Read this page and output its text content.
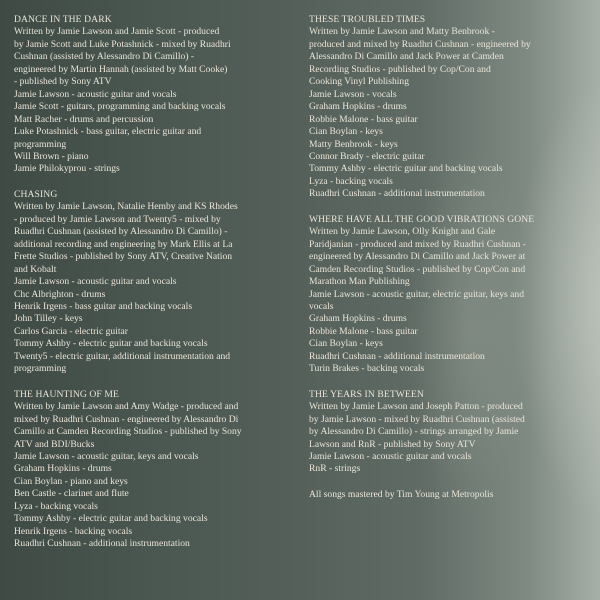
DANCE IN THE DARK
Written by Jamie Lawson and Jamie Scott - produced
by Jamie Scott and Luke Potashnick - mixed by Ruadhri
Cushnan (assisted by Alessandro Di Camillo) -
engineered by Martin Hannah (assisted by Matt Cooke)
- published by Sony ATV
Jamie Lawson - acoustic guitar and vocals
Jamie Scott - guitars, programming and backing vocals
Matt Racher - drums and percussion
Luke Potashnick - bass guitar, electric guitar and
programming
Will Brown - piano
Jamie Philokyprou - strings
CHASING
Written by Jamie Lawson, Natalie Hemby and KS Rhodes
- produced by Jamie Lawson and Twenty5 - mixed by
Ruadhri Cushnan (assisted by Alessandro Di Camillo) -
additional recording and engineering by Mark Ellis at La
Frette Studios - published by Sony ATV, Creative Nation
and Kobalt
Jamie Lawson - acoustic guitar and vocals
Chc Albrighton - drums
Henrik Irgens - bass guitar and backing vocals
John Tilley - keys
Carlos Garcia - electric guitar
Tommy Ashby - electric guitar and backing vocals
Twenty5 - electric guitar, additional instrumentation and
programming
THE HAUNTING OF ME
Written by Jamie Lawson and Amy Wadge - produced and
mixed by Ruadhri Cushnan - engineered by Alessandro Di
Camillo at Camden Recording Studios - published by Sony
ATV and BDI/Bucks
Jamie Lawson - acoustic guitar, keys and vocals
Graham Hopkins - drums
Cian Boylan - piano and keys
Ben Castle - clarinet and flute
Lyza - backing vocals
Tommy Ashby - electric guitar and backing vocals
Henrik Irgens - backing vocals
Ruadhri Cushnan - additional instrumentation
THESE TROUBLED TIMES
Written by Jamie Lawson and Matty Benbrook -
produced and mixed by Ruadhri Cushnan - engineered by
Alessandro Di Camillo and Jack Power at Camden
Recording Studios - published by Cop/Con and
Cooking Vinyl Publishing
Jamie Lawson - vocals
Graham Hopkins - drums
Robbie Malone - bass guitar
Cian Boylan - keys
Matty Benbrook - keys
Connor Brady - electric guitar
Tommy Ashby - electric guitar and backing vocals
Lyza - backing vocals
Ruadhri Cushnan - additional instrumentation
WHERE HAVE ALL THE GOOD VIBRATIONS GONE
Written by Jamie Lawson, Olly Knight and Gale
Paridjanian - produced and mixed by Ruadhri Cushnan -
engineered by Alessandro Di Camillo and Jack Power at
Camden Recording Studios - published by Cop/Con and
Marathon Man Publishing
Jamie Lawson - acoustic guitar, electric guitar, keys and
vocals
Graham Hopkins - drums
Robbie Malone - bass guitar
Cian Boylan - keys
Ruadhri Cushnan - additional instrumentation
Turin Brakes - backing vocals
THE YEARS IN BETWEEN
Written by Jamie Lawson and Joseph Patton - produced
by Jamie Lawson - mixed by Ruadhri Cushnan (assisted
by Alessandro Di Camillo) - strings arranged by Jamie
Lawson and RnR - published by Sony ATV
Jamie Lawson - acoustic guitar and vocals
RnR - strings
All songs mastered by Tim Young at Metropolis
